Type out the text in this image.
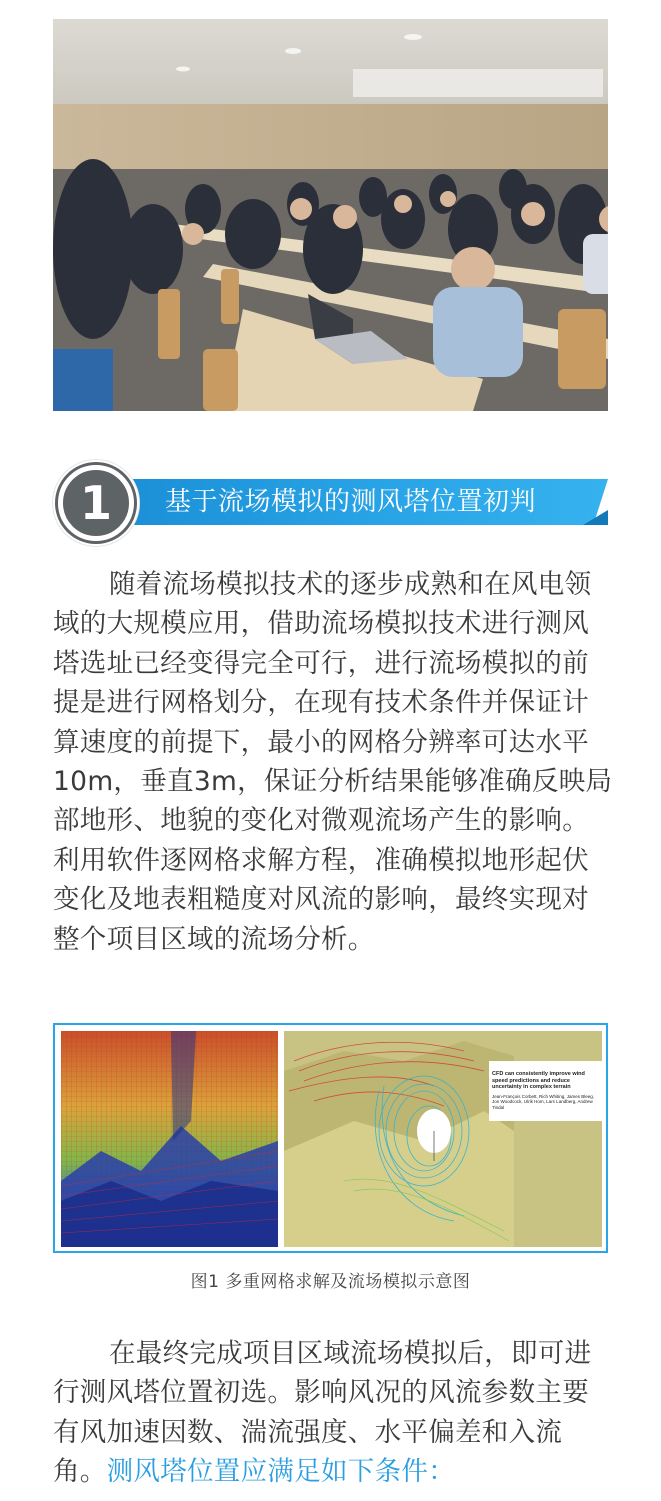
基于流场模拟的测风塔位置初判
1

随着流场模拟技术的逐步成熟和在风电领域的大规模应用，借助流场模拟技术进行测风塔选址已经变得完全可行，进行流场模拟的前提是进行网格划分，在现有技术条件并保证计算速度的前提下，最小的网格分辨率可达水平10m，垂直3m，保证分析结果能够准确反映局部地形、地貌的变化对微观流场产生的影响。利用软件逐网格求解方程，准确模拟地形起伏变化及地表粗糙度对风流的影响，最终实现对整个项目区域的流场分析。

CFD can consistently improve wind speed predictions and reduce uncertainty in complex terrain
Jean-François Corbett, Rich Whiting, James Bleeg, Jon Woodcock, Ulrik Hom, Lars Landberg, Andrew Tindal
图1 多重网格求解及流场模拟示意图

在最终完成项目区域流场模拟后，即可进行测风塔位置初选。影响风况的风流参数主要有风加速因数、湍流强度、水平偏差和入流角。测风塔位置应满足如下条件：
